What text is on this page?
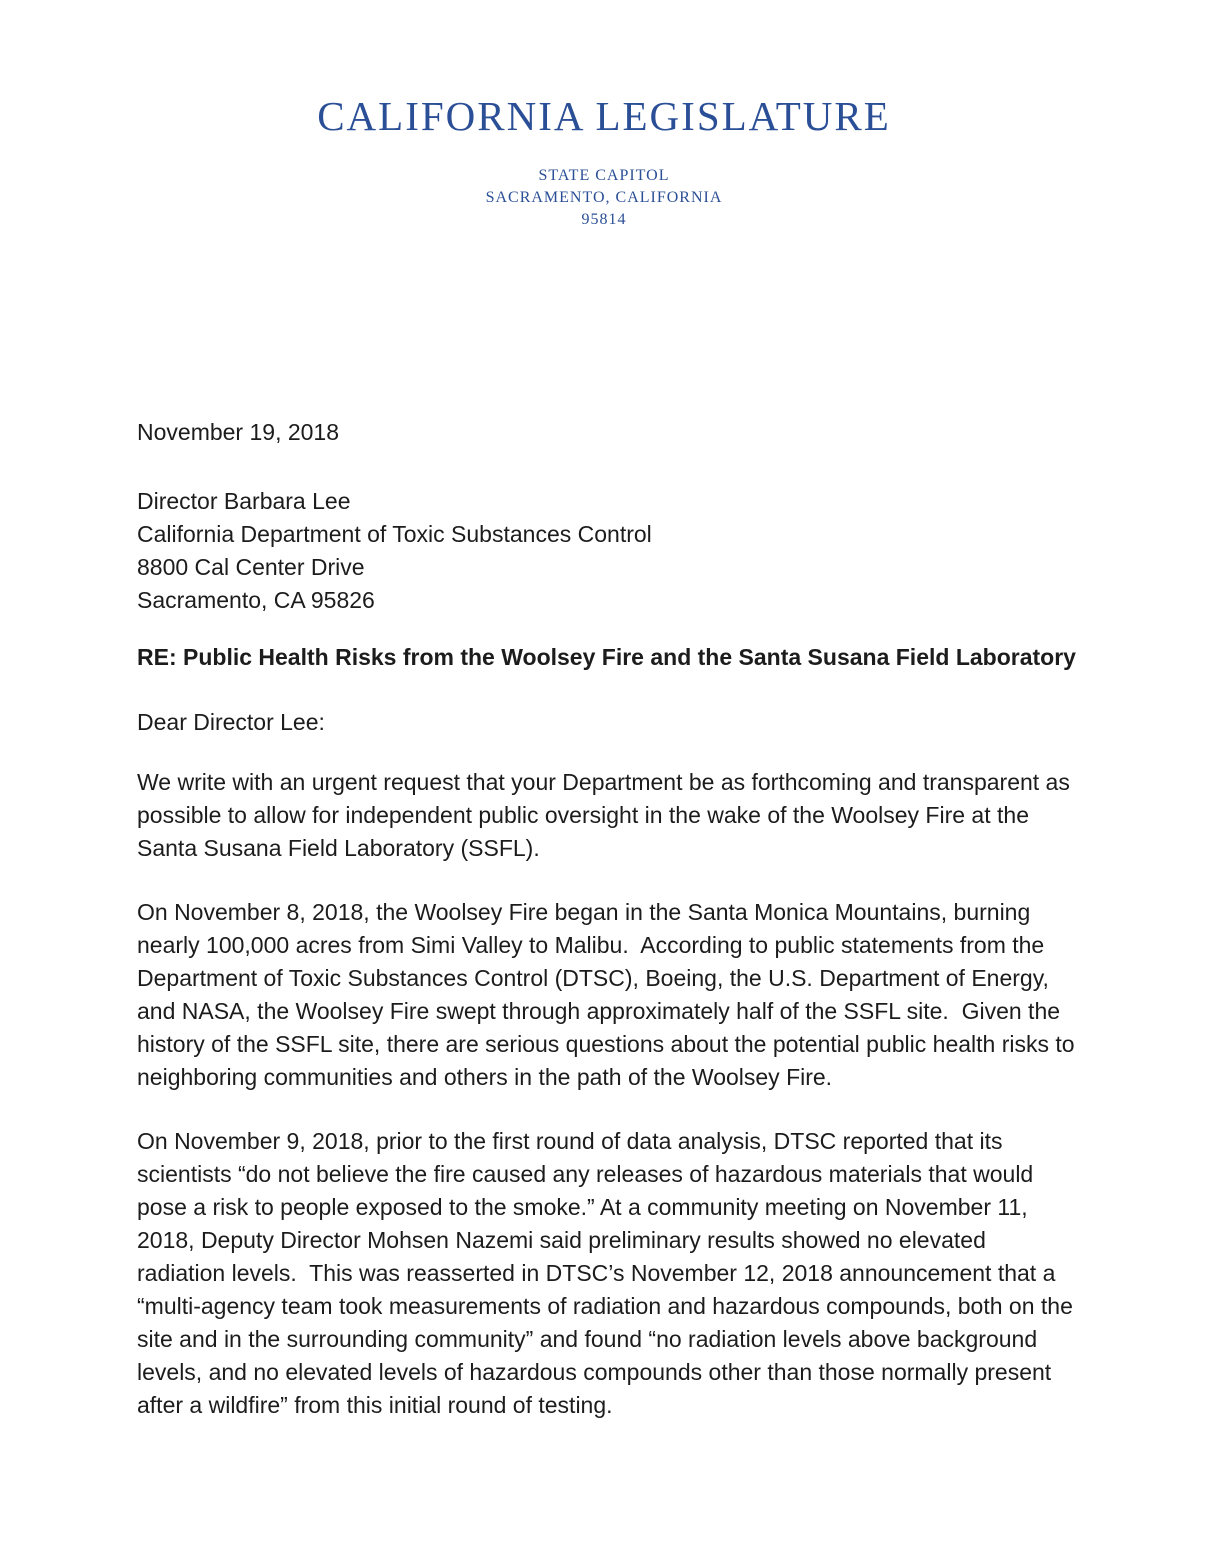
CALIFORNIA LEGISLATURE
STATE CAPITOL
SACRAMENTO, CALIFORNIA
95814

November 19, 2018

Director Barbara Lee

California Department of Toxic Substances Control

8800 Cal Center Drive

Sacramento, CA 95826

RE: Public Health Risks from the Woolsey Fire and the Santa Susana Field Laboratory

Dear Director Lee:

We write with an urgent request that your Department be as forthcoming and transparent as possible to allow for independent public oversight in the wake of the Woolsey Fire at the Santa Susana Field Laboratory (SSFL).

On November 8, 2018, the Woolsey Fire began in the Santa Monica Mountains, burning nearly 100,000 acres from Simi Valley to Malibu.  According to public statements from the Department of Toxic Substances Control (DTSC), Boeing, the U.S. Department of Energy, and NASA, the Woolsey Fire swept through approximately half of the SSFL site.  Given the history of the SSFL site, there are serious questions about the potential public health risks to neighboring communities and others in the path of the Woolsey Fire.

On November 9, 2018, prior to the first round of data analysis, DTSC reported that its scientists “do not believe the fire caused any releases of hazardous materials that would pose a risk to people exposed to the smoke.” At a community meeting on November 11, 2018, Deputy Director Mohsen Nazemi said preliminary results showed no elevated radiation levels.  This was reasserted in DTSC’s November 12, 2018 announcement that a “multi-agency team took measurements of radiation and hazardous compounds, both on the site and in the surrounding community” and found “no radiation levels above background levels, and no elevated levels of hazardous compounds other than those normally present after a wildfire” from this initial round of testing.
